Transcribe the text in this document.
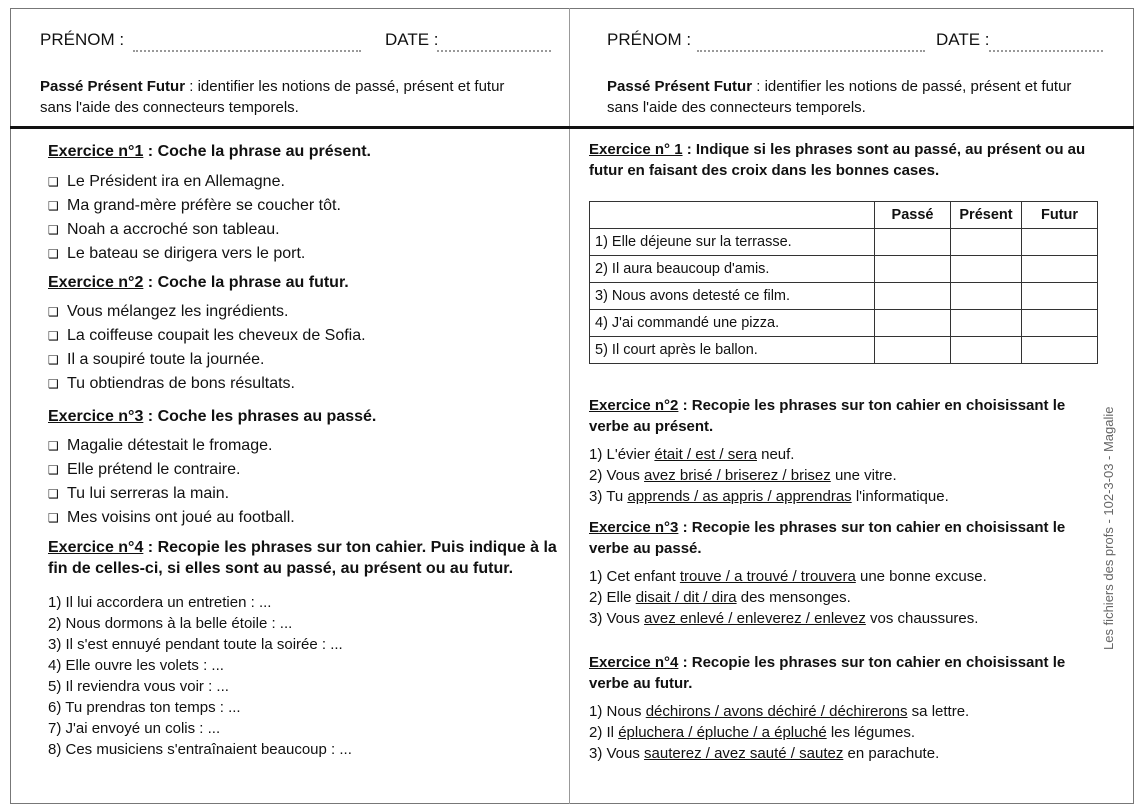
PRÉNOM :	DATE :
Passé Présent Futur : identifier les notions de passé, présent et futur sans l'aide des connecteurs temporels.
PRÉNOM :	DATE :
Passé Présent Futur : identifier les notions de passé, présent et futur sans l'aide des connecteurs temporels.
Exercice n°1 : Coche la phrase au présent.
❑ Le Président ira en Allemagne.
❑ Ma grand-mère préfère se coucher tôt.
❑ Noah a accroché son tableau.
❑ Le bateau se dirigera vers le port.
Exercice n°2 : Coche la phrase au futur.
❑ Vous mélangez les ingrédients.
❑ La coiffeuse coupait les cheveux de Sofia.
❑ Il a soupiré toute la journée.
❑ Tu obtiendras de bons résultats.
Exercice n°3 : Coche les phrases au passé.
❑ Magalie détestait le fromage.
❑ Elle prétend le contraire.
❑ Tu lui serreras la main.
❑ Mes voisins ont joué au football.
Exercice n°4 : Recopie les phrases sur ton cahier. Puis indique à la fin de celles-ci, si elles sont au passé, au présent ou au futur.
1) Il lui accordera un entretien : ...
2) Nous dormons à la belle étoile : ...
3) Il s'est ennuyé pendant toute la soirée : ...
4) Elle ouvre les volets : ...
5) Il reviendra vous voir : ...
6) Tu prendras ton temps : ...
7) J'ai envoyé un colis : ...
8) Ces musiciens s'entraînaient beaucoup : ...
Exercice n° 1 : Indique si les phrases sont au passé, au présent ou au futur en faisant des croix dans les bonnes cases.
	Passé	Présent	Futur
1) Elle déjeune sur la terrasse.			
2) Il aura beaucoup d'amis.			
3) Nous avons detesté ce film.			
4) J'ai commandé une pizza.			
5) Il court après le ballon.			
Exercice n°2 : Recopie les phrases sur ton cahier en choisissant le verbe au présent.
1) L'évier était / est / sera neuf.
2) Vous avez brisé / briserez / brisez une vitre.
3) Tu apprends / as appris / apprendras l'informatique.
Exercice n°3 : Recopie les phrases sur ton cahier en choisissant le verbe au passé.
1) Cet enfant trouve / a trouvé / trouvera une bonne excuse.
2) Elle disait / dit / dira des mensonges.
3) Vous avez enlevé / enleverez / enlevez vos chaussures.
Exercice n°4 : Recopie les phrases sur ton cahier en choisissant le verbe au futur.
1) Nous déchirons / avons déchiré / déchirerons sa lettre.
2) Il épluchera / épluche / a épluché les légumes.
3) Vous sauterez / avez sauté / sautez en parachute.
Les fichiers des profs - 102-3-03 - Magalie
